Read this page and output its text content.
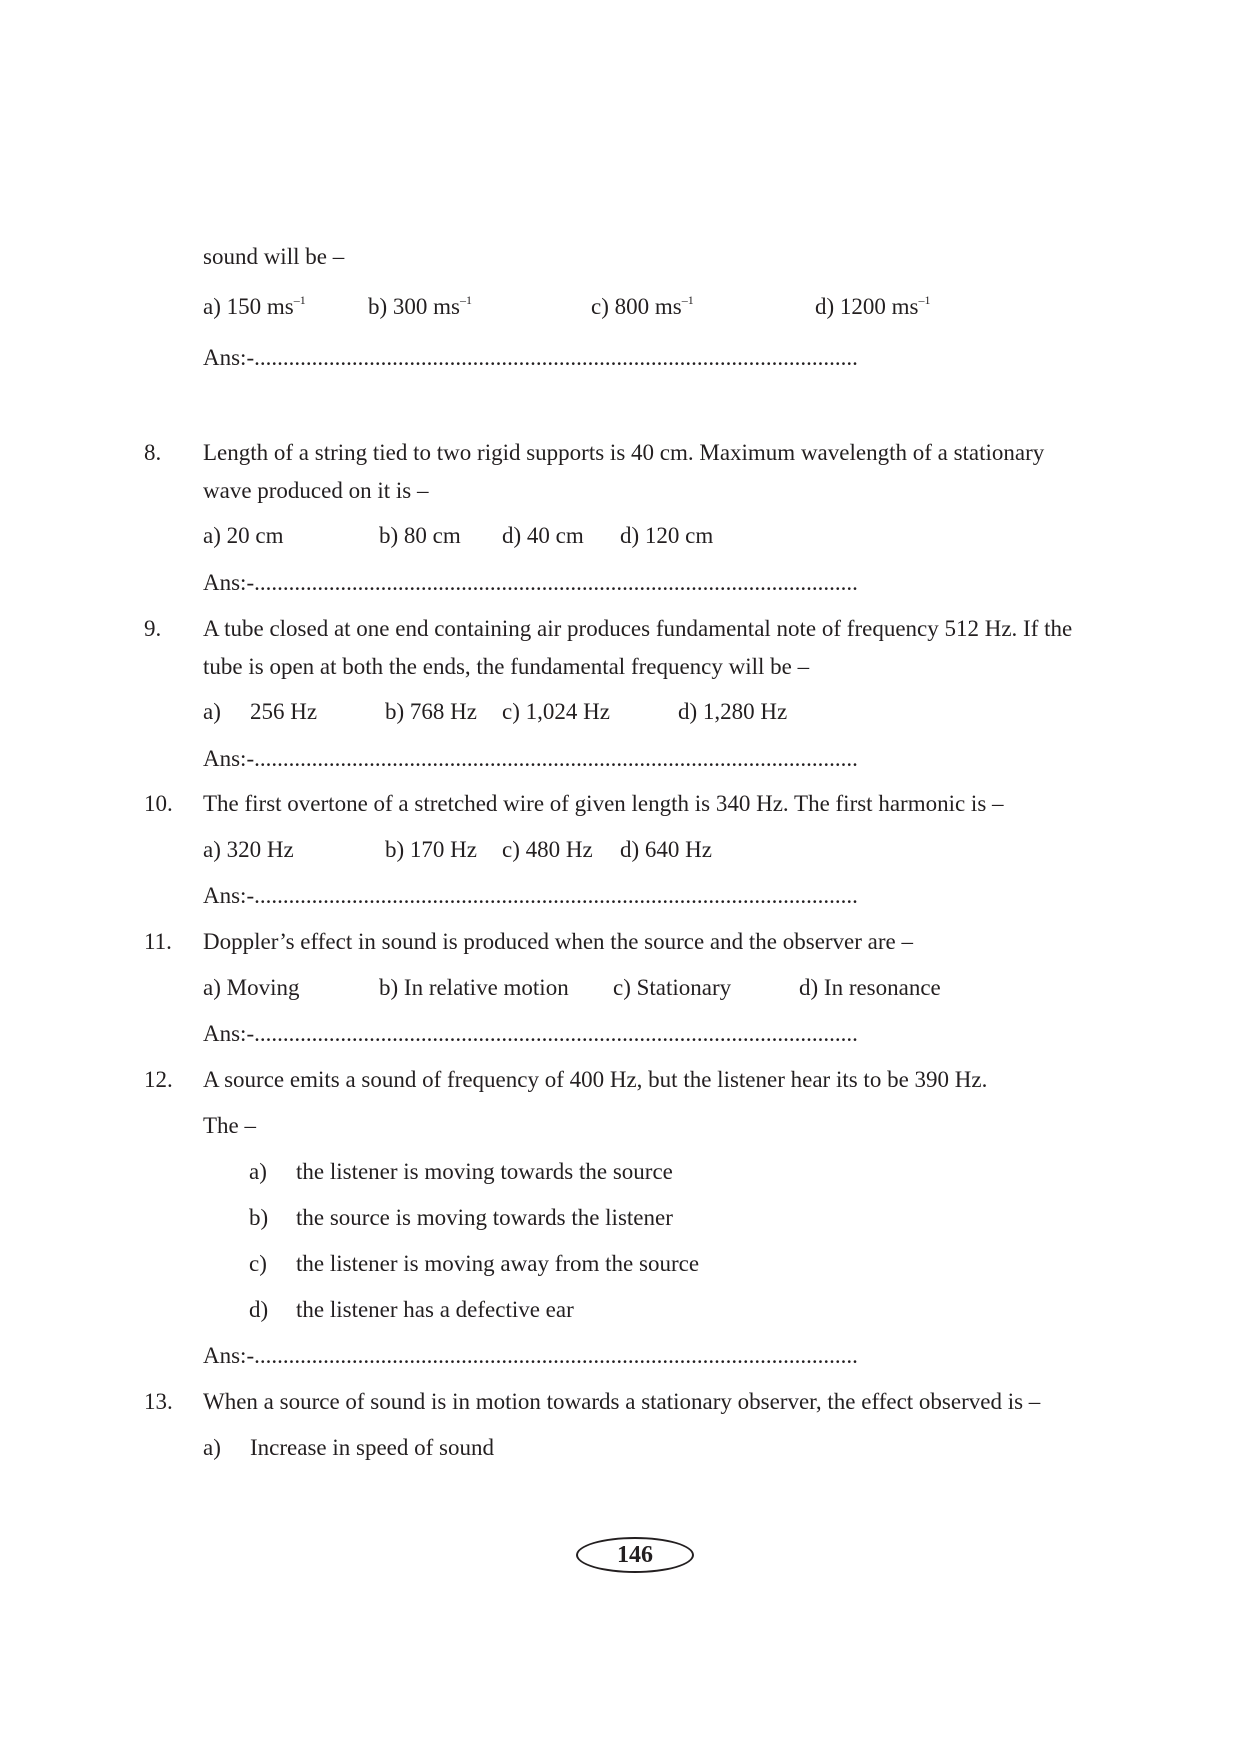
sound will be –
a) 150 $ms^{-1}$	b) 300 $ms^{-1}$	c) 800 $ms^{-1}$	d) 1200 $ms^{-1}$
Ans:-.........................................................................................................
8. Length of a string tied to two rigid supports is 40 cm. Maximum wavelength of a stationary
wave produced on it is –
a) 20 cm	b) 80 cm d) 40 cm d) 120 cm
Ans:-.........................................................................................................
9. A tube closed at one end containing air produces fundamental note of frequency 512 Hz. If the
tube is open at both the ends, the fundamental frequency will be –
a) 256 Hz	b) 768 Hz c) 1,024 Hz	d) 1,280 Hz
Ans:-.........................................................................................................
10. The first overtone of a stretched wire of given length is 340 Hz. The first harmonic is –
a) 320 Hz	b) 170 Hz c) 480 Hz d) 640 Hz
Ans:-.........................................................................................................
11. Doppler’s effect in sound is produced when the source and the observer are –
a) Moving	b) In relative motion c) Stationary	d) In resonance
Ans:-.........................................................................................................
12. A source emits a sound of frequency of 400 Hz, but the listener hear its to be 390 Hz.
The –
a) the listener is moving towards the source
b) the source is moving towards the listener
c) the listener is moving away from the source
d) the listener has a defective ear
Ans:-.........................................................................................................
13. When a source of sound is in motion towards a stationary observer, the effect observed is –
a) Increase in speed of sound
146
